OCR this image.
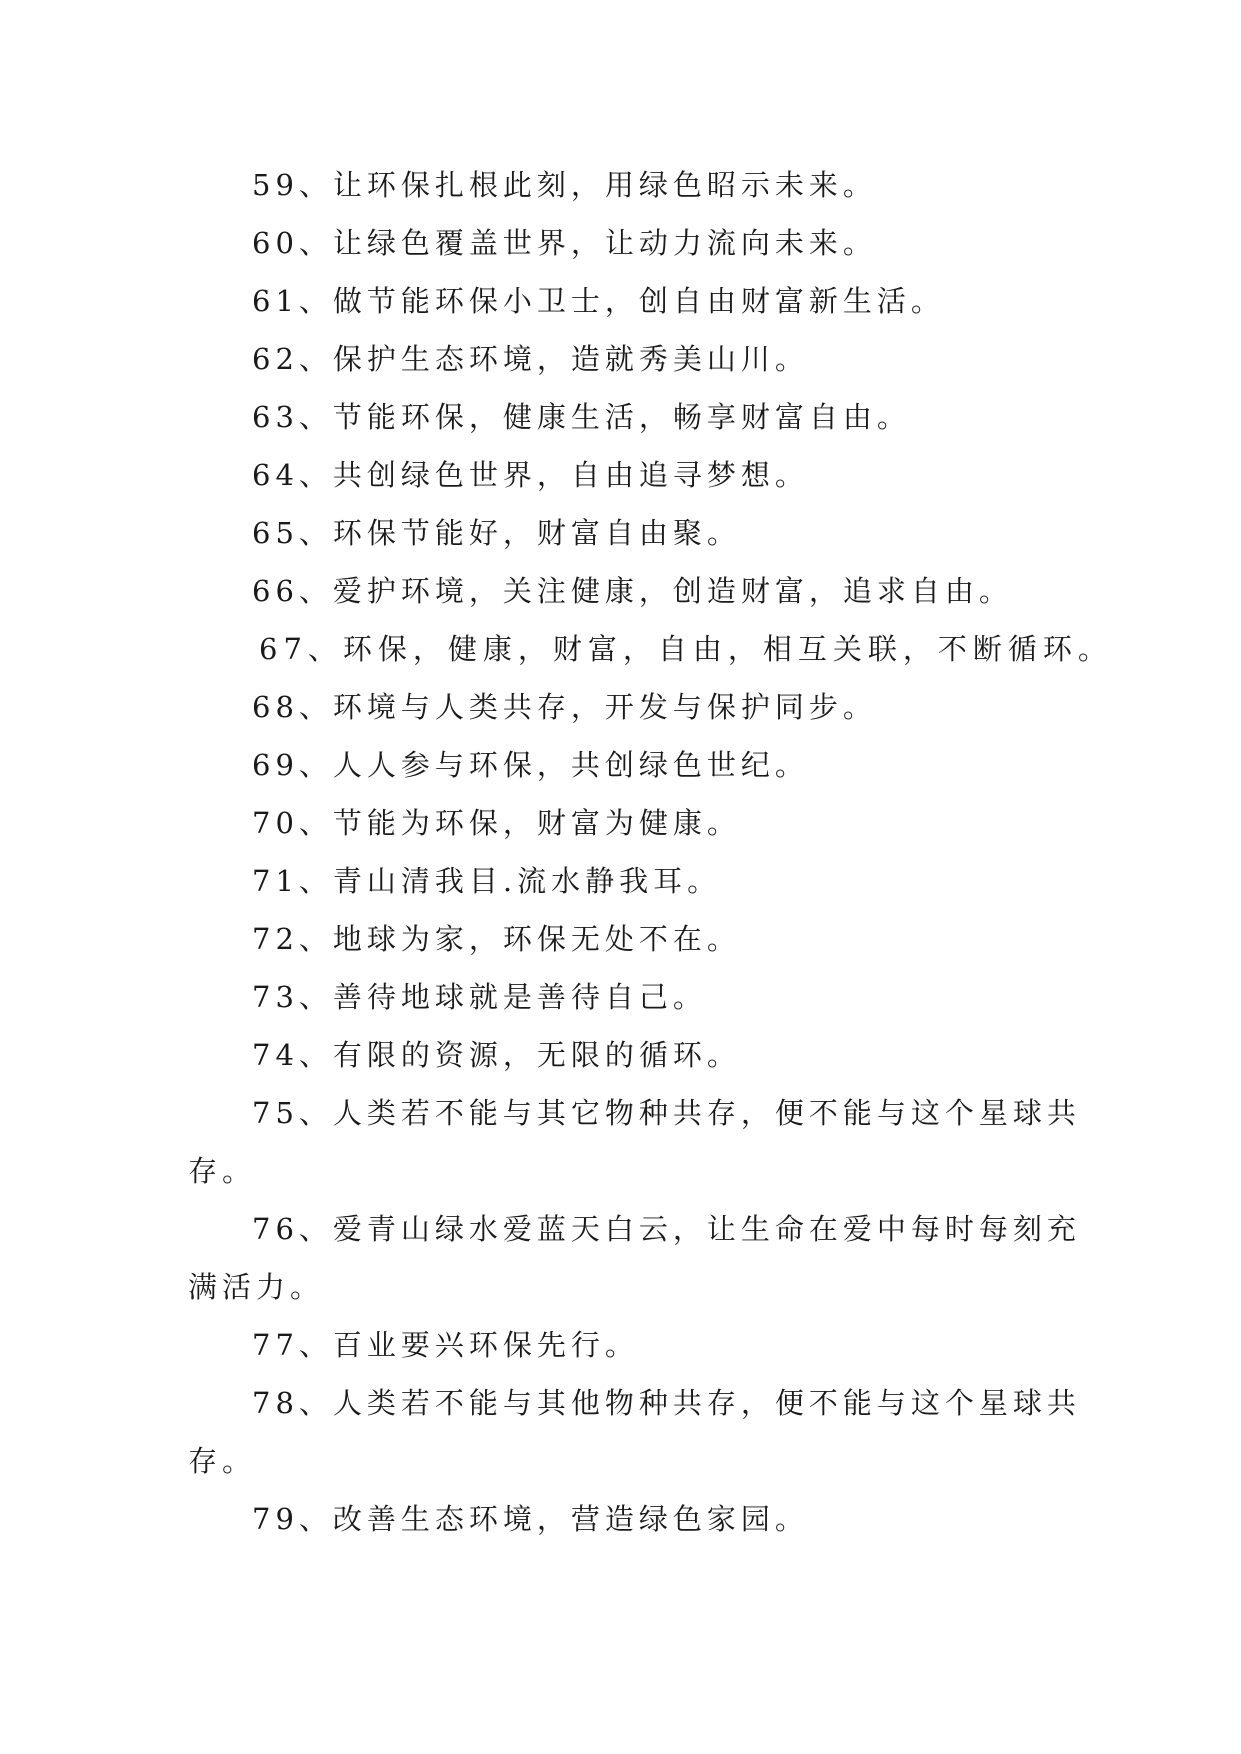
59、让环保扎根此刻，用绿色昭示未来。

60、让绿色覆盖世界，让动力流向未来。

61、做节能环保小卫士，创自由财富新生活。

62、保护生态环境，造就秀美山川。

63、节能环保，健康生活，畅享财富自由。

64、共创绿色世界，自由追寻梦想。

65、环保节能好，财富自由聚。

66、爱护环境，关注健康，创造财富，追求自由。

67、环保，健康，财富，自由，相互关联，不断循环。

68、环境与人类共存，开发与保护同步。

69、人人参与环保，共创绿色世纪。

70、节能为环保，财富为健康。

71、青山清我目.流水静我耳。

72、地球为家，环保无处不在。

73、善待地球就是善待自己。

74、有限的资源，无限的循环。

75、人类若不能与其它物种共存，便不能与这个星球共

存。

76、爱青山绿水爱蓝天白云，让生命在爱中每时每刻充

满活力。

77、百业要兴环保先行。

78、人类若不能与其他物种共存，便不能与这个星球共

存。

79、改善生态环境，营造绿色家园。
